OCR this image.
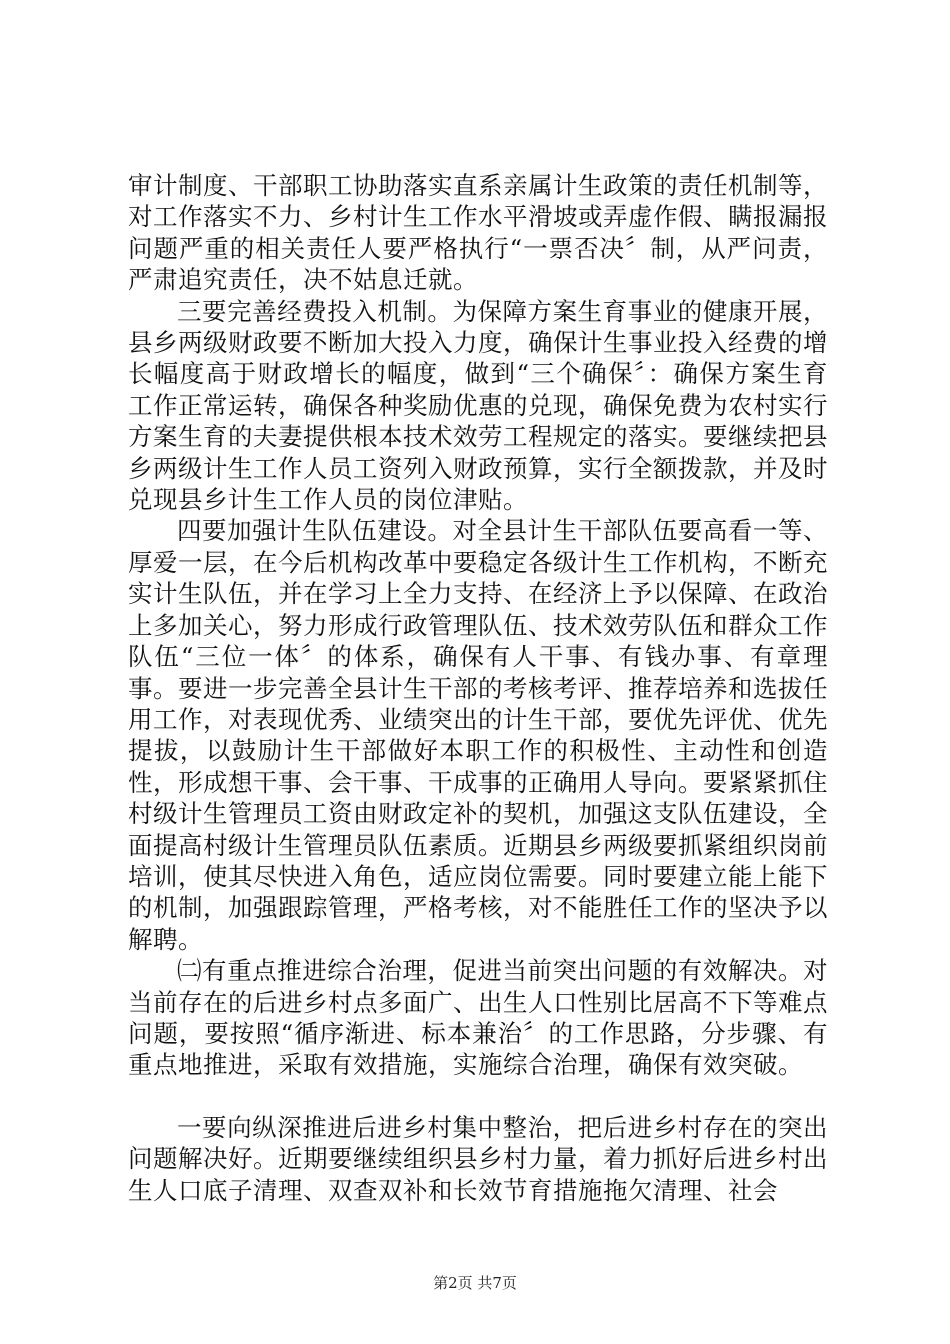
审计制度、干部职工协助落实直系亲属计生政策的责任机制等，对工作落实不力、乡村计生工作水平滑坡或弄虚作假、瞒报漏报问题严重的相关责任人要严格执行“一票否决〞制，从严问责，严肃追究责任，决不姑息迁就。

三要完善经费投入机制。为保障方案生育事业的健康开展，县乡两级财政要不断加大投入力度，确保计生事业投入经费的增长幅度高于财政增长的幅度，做到“三个确保〞：确保方案生育工作正常运转，确保各种奖励优惠的兑现，确保免费为农村实行方案生育的夫妻提供根本技术效劳工程规定的落实。要继续把县乡两级计生工作人员工资列入财政预算，实行全额拨款，并及时兑现县乡计生工作人员的岗位津贴。

四要加强计生队伍建设。对全县计生干部队伍要高看一等、厚爱一层，在今后机构改革中要稳定各级计生工作机构，不断充实计生队伍，并在学习上全力支持、在经济上予以保障、在政治上多加关心，努力形成行政管理队伍、技术效劳队伍和群众工作队伍“三位一体〞的体系，确保有人干事、有钱办事、有章理事。要进一步完善全县计生干部的考核考评、推荐培养和选拔任用工作，对表现优秀、业绩突出的计生干部，要优先评优、优先提拔，以鼓励计生干部做好本职工作的积极性、主动性和创造性，形成想干事、会干事、干成事的正确用人导向。要紧紧抓住村级计生管理员工资由财政定补的契机，加强这支队伍建设，全面提高村级计生管理员队伍素质。近期县乡两级要抓紧组织岗前培训，使其尽快进入角色，适应岗位需要。同时要建立能上能下的机制，加强跟踪管理，严格考核，对不能胜任工作的坚决予以解聘。

㈡有重点推进综合治理，促进当前突出问题的有效解决。对当前存在的后进乡村点多面广、出生人口性别比居高不下等难点问题，要按照“循序渐进、标本兼治〞的工作思路，分步骤、有重点地推进，采取有效措施，实施综合治理，确保有效突破。

一要向纵深推进后进乡村集中整治，把后进乡村存在的突出问题解决好。近期要继续组织县乡村力量，着力抓好后进乡村出生人口底子清理、双查双补和长效节育措施拖欠清理、社会

第2页 共7页
